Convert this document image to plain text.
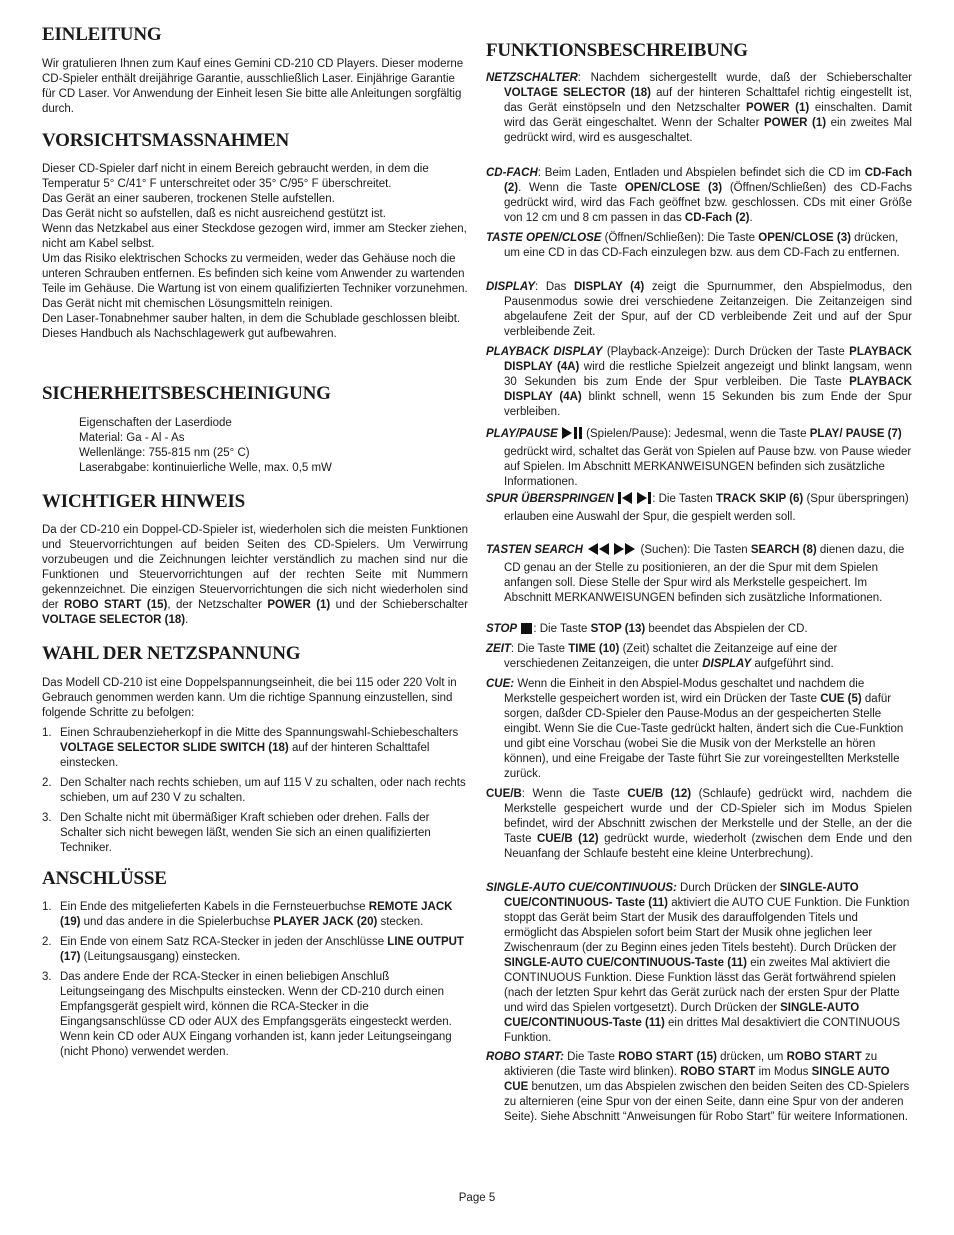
EINLEITUNG

Wir gratulieren Ihnen zum Kauf eines Gemini CD-210 CD Players. Dieser moderne CD-Spieler enthält dreijährige Garantie, ausschließlich Laser. Einjährige Garantie für CD Laser. Vor Anwendung der Einheit lesen Sie bitte alle Anleitungen sorgfältig durch.

VORSICHTSMASSNAHMEN

Dieser CD-Spieler darf nicht in einem Bereich gebraucht werden, in dem die Temperatur 5° C/41° F unterschreitet oder 35° C/95° F überschreitet.

Das Gerät an einer sauberen, trockenen Stelle aufstellen.

Das Gerät nicht so aufstellen, daß es nicht ausreichend gestützt ist.

Wenn das Netzkabel aus einer Steckdose gezogen wird, immer am Stecker ziehen, nicht am Kabel selbst.

Um das Risiko elektrischen Schocks zu vermeiden, weder das Gehäuse noch die unteren Schrauben entfernen. Es befinden sich keine vom Anwender zu wartenden Teile im Gehäuse. Die Wartung ist von einem qualifizierten Techniker vorzunehmen.

Das Gerät nicht mit chemischen Lösungsmitteln reinigen.

Den Laser-Tonabnehmer sauber halten, in dem die Schublade geschlossen bleibt.

Dieses Handbuch als Nachschlagewerk gut aufbewahren.

SICHERHEITSBESCHEINIGUNG

Eigenschaften der Laserdiode

Material: Ga - Al - As

Wellenlänge: 755-815 nm (25° C)

Laserabgabe: kontinuierliche Welle, max. 0,5 mW

WICHTIGER HINWEIS

Da der CD-210 ein Doppel-CD-Spieler ist, wiederholen sich die meisten Funktionen und Steuervorrichtungen auf beiden Seiten des CD-Spielers. Um Verwirrung vorzubeugen und die Zeichnungen leichter verständlich zu machen sind nur die Funktionen und Steuervorrichtungen auf der rechten Seite mit Nummern gekennzeichnet. Die einzigen Steuervorrichtungen die sich nicht wiederholen sind der ROBO START (15), der Netzschalter POWER (1) und der Schieberschalter VOLTAGE SELECTOR (18).

WAHL DER NETZSPANNUNG

Das Modell CD-210 ist eine Doppelspannungseinheit, die bei 115 oder 220 Volt in Gebrauch genommen werden kann. Um die richtige Spannung einzustellen, sind folgende Schritte zu befolgen:

1. Einen Schraubenzieherkopf in die Mitte des Spannungswahl-Schiebeschalters VOLTAGE SELECTOR SLIDE SWITCH (18) auf der hinteren Schalttafel einstecken.
2. Den Schalter nach rechts schieben, um auf 115 V zu schalten, oder nach rechts schieben, um auf 230 V zu schalten.
3. Den Schalte nicht mit übermäßiger Kraft schieben oder drehen. Falls der Schalter sich nicht bewegen läßt, wenden Sie sich an einen qualifizierten Techniker.
ANSCHLÜSSE
1. Ein Ende des mitgelieferten Kabels in die Fernsteuerbuchse REMOTE JACK (19) und das andere in die Spielerbuchse PLAYER JACK (20) stecken.
2. Ein Ende von einem Satz RCA-Stecker in jeden der Anschlüsse LINE OUTPUT (17) (Leitungsausgang) einstecken.
3. Das andere Ende der RCA-Stecker in einen beliebigen Anschluß Leitungseingang des Mischpults einstecken. Wenn der CD-210 durch einen Empfangsgerät gespielt wird, können die RCA-Stecker in die Eingangsanschlüsse CD oder AUX des Empfangsgeräts eingesteckt werden. Wenn kein CD oder AUX Eingang vorhanden ist, kann jeder Leitungseingang (nicht Phono) verwendet werden.
FUNKTIONSBESCHREIBUNG
NETZSCHALTER: Nachdem sichergestellt wurde, daß der Schieberschalter VOLTAGE SELECTOR (18) auf der hinteren Schalttafel richtig eingestellt ist, das Gerät einstöpseln und den Netzschalter POWER (1) einschalten. Damit wird das Gerät eingeschaltet. Wenn der Schalter POWER (1) ein zweites Mal gedrückt wird, wird es ausgeschaltet.
CD-FACH: Beim Laden, Entladen und Abspielen befindet sich die CD im CD-Fach (2). Wenn die Taste OPEN/CLOSE (3) (Öffnen/Schließen) des CD-Fachs gedrückt wird, wird das Fach geöffnet bzw. geschlossen. CDs mit einer Größe von 12 cm und 8 cm passen in das CD-Fach (2).
TASTE OPEN/CLOSE (Öffnen/Schließen): Die Taste OPEN/CLOSE (3) drücken, um eine CD in das CD-Fach einzulegen bzw. aus dem CD-Fach zu entfernen.
DISPLAY: Das DISPLAY (4) zeigt die Spurnummer, den Abspielmodus, den Pausenmodus sowie drei verschiedene Zeitanzeigen. Die Zeitanzeigen sind abgelaufene Zeit der Spur, auf der CD verbleibende Zeit und auf der Spur verbleibende Zeit.
PLAYBACK DISPLAY (Playback-Anzeige): Durch Drücken der Taste PLAYBACK DISPLAY (4A) wird die restliche Spielzeit angezeigt und blinkt langsam, wenn 30 Sekunden bis zum Ende der Spur verbleiben. Die Taste PLAYBACK DISPLAY (4A) blinkt schnell, wenn 15 Sekunden bis zum Ende der Spur verbleiben.
PLAY/PAUSE  (Spielen/Pause): Jedesmal, wenn die Taste PLAY/ PAUSE (7) gedrückt wird, schaltet das Gerät von Spielen auf Pause bzw. von Pause wieder auf Spielen. Im Abschnitt MERKANWEISUNGEN befinden sich zusätzliche Informationen.
SPUR ÜBERSPRINGEN	: Die Tasten TRACK SKIP (6) (Spur überspringen) erlauben eine Auswahl der Spur, die gespielt werden soll.
TASTEN SEARCH	(Suchen): Die Tasten SEARCH (8) dienen dazu, die CD genau an der Stelle zu positionieren, an der die Spur mit dem Spielen anfangen soll. Diese Stelle der Spur wird als Merkstelle gespeichert. Im Abschnitt MERKANWEISUNGEN befinden sich zusätzliche Informationen.
STOP : Die Taste STOP (13) beendet das Abspielen der CD.
ZEIT: Die Taste TIME (10) (Zeit) schaltet die Zeitanzeige auf eine der verschiedenen Zeitanzeigen, die unter DISPLAY aufgeführt sind.
CUE: Wenn die Einheit in den Abspiel-Modus geschaltet und nachdem die Merkstelle gespeichert worden ist, wird ein Drücken der Taste CUE (5) dafür sorgen, daßder CD-Spieler den Pause-Modus an der gespeicherten Stelle eingibt. Wenn Sie die Cue-Taste gedrückt halten, ändert sich die Cue-Funktion und gibt eine Vorschau (wobei Sie die Musik von der Merkstelle an hören können), und eine Freigabe der Taste führt Sie zur voreingestellten Merkstelle zurück.
CUE/B: Wenn die Taste CUE/B (12) (Schlaufe) gedrückt wird, nachdem die Merkstelle gespeichert wurde und der CD-Spieler sich im Modus Spielen befindet, wird der Abschnitt zwischen der Merkstelle und der Stelle, an der die Taste CUE/B (12) gedrückt wurde, wiederholt (zwischen dem Ende und den Neuanfang der Schlaufe besteht eine kleine Unterbrechung).
SINGLE-AUTO CUE/CONTINUOUS: Durch Drücken der SINGLE-AUTO CUE/CONTINUOUS- Taste (11) aktiviert die AUTO CUE Funktion. Die Funktion stoppt das Gerät beim Start der Musik des darauffolgenden Titels und ermöglicht das Abspielen sofort beim Start der Musik ohne jeglichen leer Zwischenraum (der zu Beginn eines jeden Titels besteht). Durch Drücken der SINGLE-AUTO CUE/CONTINUOUS-Taste (11) ein zweites Mal aktiviert die CONTINUOUS Funktion. Diese Funktion lässt das Gerät fortwährend spielen (nach der letzten Spur kehrt das Gerät zurück nach der ersten Spur der Platte und wird das Spielen vortgesetzt). Durch Drücken der SINGLE-AUTO CUE/CONTINUOUS-Taste (11) ein drittes Mal desaktiviert die CONTINUOUS Funktion.
ROBO START: Die Taste ROBO START (15) drücken, um ROBO START zu aktivieren (die Taste wird blinken). ROBO START im Modus SINGLE AUTO CUE benutzen, um das Abspielen zwischen den beiden Seiten des CD-Spielers zu alternieren (eine Spur von der einen Seite, dann eine Spur von der anderen Seite). Siehe Abschnitt “Anweisungen für Robo Start” für weitere Informationen.
Page 5
